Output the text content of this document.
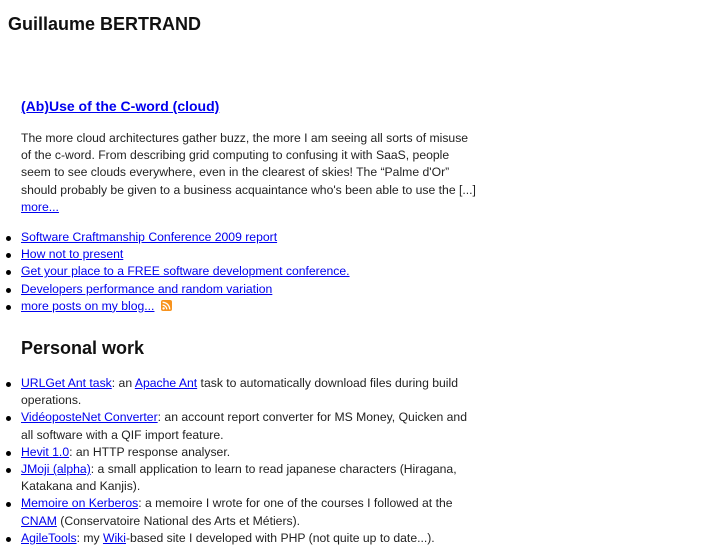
Guillaume BERTRAND
(Ab)Use of the C-word (cloud)

The more cloud architectures gather buzz, the more I am seeing all sorts of misuse of the c-word. From describing grid computing to confusing it with SaaS, people seem to see clouds everywhere, even in the clearest of skies! The “Palme d'Or” should probably be given to a business acquaintance who's been able to use the [...] more...

Software Craftmanship Conference 2009 report
How not to present
Get your place to a FREE software development conference.
Developers performance and random variation
more posts on my blog...
Personal work
URLGet Ant task: an Apache Ant task to automatically download files during build operations.
VidéoposteNet Converter: an account report converter for MS Money, Quicken and all software with a QIF import feature.
Hevit 1.0: an HTTP response analyser.
JMoji (alpha): a small application to learn to read japanese characters (Hiragana, Katakana and Kanjis).
Memoire on Kerberos: a memoire I wrote for one of the courses I followed at the CNAM (Conservatoire National des Arts et Métiers).
AgileTools: my Wiki-based site I developed with PHP (not quite up to date...).
